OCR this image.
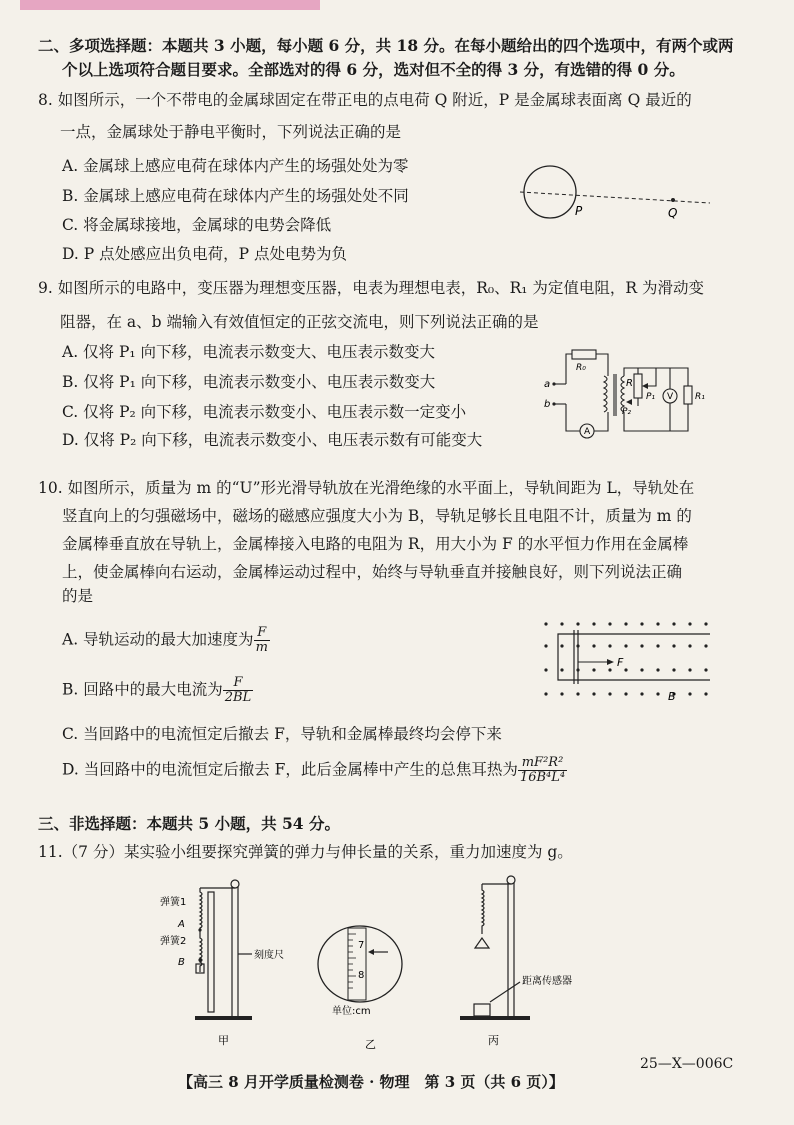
二、多项选择题：本题共 3 小题，每小题 6 分，共 18 分。在每小题给出的四个选项中，有两个或两
个以上选项符合题目要求。全部选对的得 6 分，选对但不全的得 3 分，有选错的得 0 分。
8. 如图所示，一个不带电的金属球固定在带正电的点电荷 Q 附近，P 是金属球表面离 Q 最近的
一点，金属球处于静电平衡时，下列说法正确的是
A. 金属球上感应电荷在球体内产生的场强处处为零
B. 金属球上感应电荷在球体内产生的场强处处不同
C. 将金属球接地，金属球的电势会降低
D. P 点处感应出负电荷，P 点处电势为负
P	Q
9. 如图所示的电路中，变压器为理想变压器，电表为理想电表，R₀、R₁ 为定值电阻，R 为滑动变
阻器，在 a、b 端输入有效值恒定的正弦交流电，则下列说法正确的是
A. 仅将 P₁ 向下移，电流表示数变大、电压表示数变大
B. 仅将 P₁ 向下移，电流表示数变小、电压表示数变大
C. 仅将 P₂ 向下移，电流表示数变小、电压表示数一定变小
D. 仅将 P₂ 向下移，电流表示数变小、电压表示数有可能变大
R₀
R
P₁
P₂
V R₁
A
a
b
10. 如图所示，质量为 m 的“U”形光滑导轨放在光滑绝缘的水平面上，导轨间距为 L，导轨处在
竖直向上的匀强磁场中，磁场的磁感应强度大小为 B，导轨足够长且电阻不计，质量为 m 的
金属棒垂直放在导轨上，金属棒接入电路的电阻为 R，用大小为 F 的水平恒力作用在金属棒
上，使金属棒向右运动，金属棒运动过程中，始终与导轨垂直并接触良好，则下列说法正确
的是
A. 导轨运动的最大加速度为 $\frac{F}{m}$
B. 回路中的最大电流为 $\frac{F}{2BL}$
C. 当回路中的电流恒定后撤去 F，导轨和金属棒最终均会停下来
D. 当回路中的电流恒定后撤去 F，此后金属棒中产生的总焦耳热为 $\frac{\text{mF²R²}}{\text{16B⁴L⁴}}$
F
B
三、非选择题：本题共 5 小题，共 54 分。
11.（7 分）某实验小组要探究弹簧的弹力与伸长量的关系，重力加速度为 g。
弹簧1
A
弹簧2
B
刻度尺
甲
7
8
单位:cm
乙
距离传感器
丙
【高三 8 月开学质量检测卷 · 物理　第 3 页（共 6 页）】
25—X—006C
